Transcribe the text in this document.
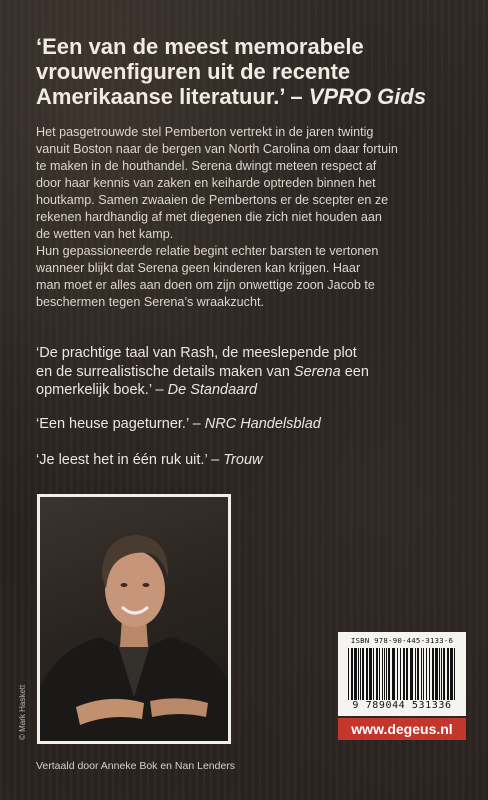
‘Een van de meest memorabele
vrouwenfiguren uit de recente
Amerikaanse literatuur.’ – VPRO Gids

Het pasgetrouwde stel Pemberton vertrekt in de jaren twintig
vanuit Boston naar de bergen van North Carolina om daar fortuin
te maken in de houthandel. Serena dwingt meteen respect af
door haar kennis van zaken en keiharde optreden binnen het
houtkamp. Samen zwaaien de Pembertons er de scepter en ze
rekenen hardhandig af met diegenen die zich niet houden aan
de wetten van het kamp.

Hun gepassioneerde relatie begint echter barsten te vertonen
wanneer blijkt dat Serena geen kinderen kan krijgen. Haar
man moet er alles aan doen om zijn onwettige zoon Jacob te
beschermen tegen Serena’s wraakzucht.

‘De prachtige taal van Rash, de meeslepende plot
en de surrealistische details maken van Serena een
opmerkelijk boek.’ – De Standaard
‘Een heuse pageturner.’ – NRC Handelsblad
‘Je leest het in één ruk uit.’ – Trouw
© Mark Haskett
ISBN 978-90-445-3133-6
9 789044 531336
www.degeus.nl
Vertaald door Anneke Bok en Nan Lenders
